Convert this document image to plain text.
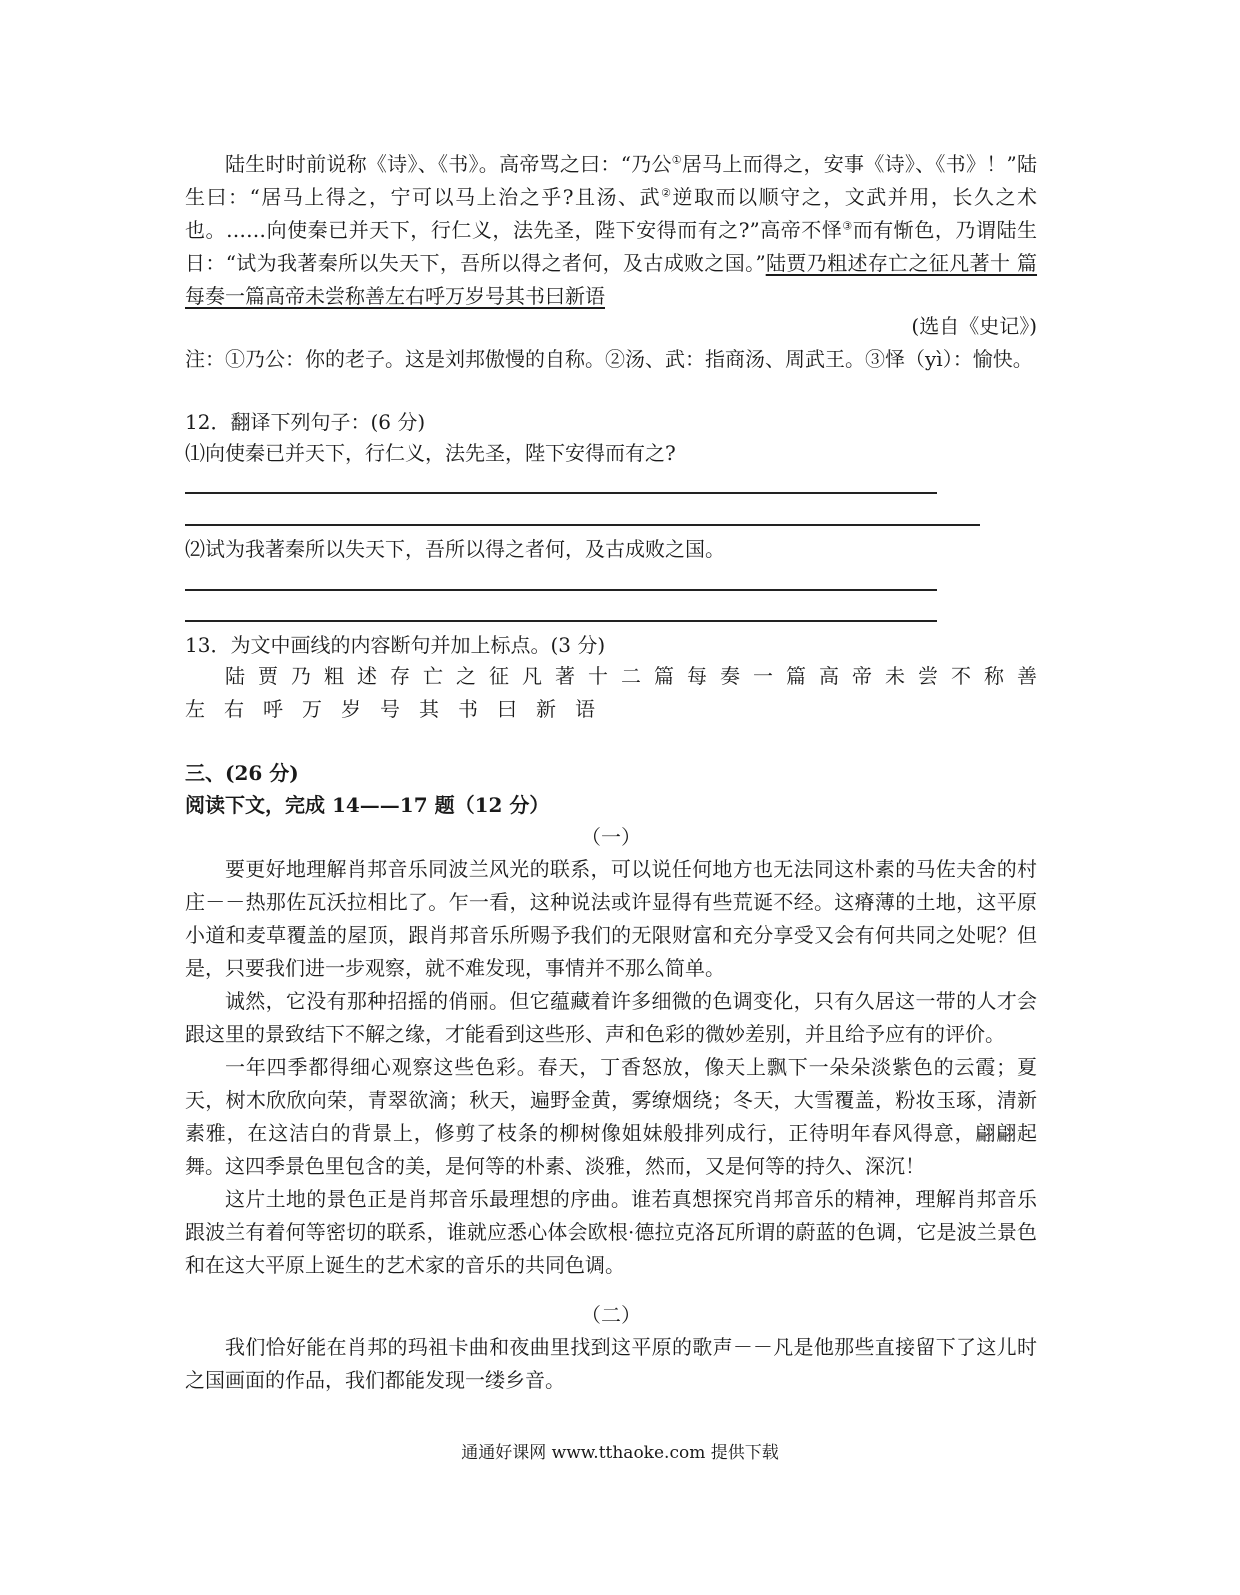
陆生时时前说称《诗》、《书》。高帝骂之曰：“乃公①居马上而得之，安事《诗》、《书》！”陆生曰：“居马上得之，宁可以马上治之乎?且汤、武②逆取而以顺守之，文武并用，长久之术也。……向使秦已并天下，行仁义，法先圣，陛下安得而有之?”高帝不怿③而有惭色，乃谓陆生日：“试为我著秦所以失天下，吾所以得之者何，及古成败之国。”陆贾乃粗述存亡之征凡著十 篇每奏一篇高帝未尝称善左右呼万岁号其书曰新语

(选自《史记》)

注：①乃公：你的老子。这是刘邦傲慢的自称。②汤、武：指商汤、周武王。③怿（yì）：愉快。

12．翻译下列句子：(6 分)
⑴向使秦已并天下，行仁义，法先圣，陛下安得而有之?
⑵试为我著秦所以失天下，吾所以得之者何，及古成败之国。
13．为文中画线的内容断句并加上标点。(3 分)

陆贾乃粗述存亡之征凡著十二篇每奏一篇高帝未尝不称善

左右呼万岁号其书曰新语

三、(26 分)
阅读下文，完成 14——17 题（12 分）
（一）

要更好地理解肖邦音乐同波兰风光的联系，可以说任何地方也无法同这朴素的马佐夫舍的村庄－－热那佐瓦沃拉相比了。乍一看，这种说法或许显得有些荒诞不经。这瘠薄的土地，这平原小道和麦草覆盖的屋顶，跟肖邦音乐所赐予我们的无限财富和充分享受又会有何共同之处呢？但是，只要我们进一步观察，就不难发现，事情并不那么简单。

诚然，它没有那种招摇的俏丽。但它蕴藏着许多细微的色调变化，只有久居这一带的人才会跟这里的景致结下不解之缘，才能看到这些形、声和色彩的微妙差别，并且给予应有的评价。

一年四季都得细心观察这些色彩。春天，丁香怒放，像天上飘下一朵朵淡紫色的云霞；夏天，树木欣欣向荣，青翠欲滴；秋天，遍野金黄，雾缭烟绕；冬天，大雪覆盖，粉妆玉琢，清新素雅，在这洁白的背景上，修剪了枝条的柳树像姐妹般排列成行，正待明年春风得意，翩翩起舞。这四季景色里包含的美，是何等的朴素、淡雅，然而，又是何等的持久、深沉！

这片土地的景色正是肖邦音乐最理想的序曲。谁若真想探究肖邦音乐的精神，理解肖邦音乐跟波兰有着何等密切的联系，谁就应悉心体会欧根·德拉克洛瓦所谓的蔚蓝的色调，它是波兰景色和在这大平原上诞生的艺术家的音乐的共同色调。

（二）

我们恰好能在肖邦的玛祖卡曲和夜曲里找到这平原的歌声－－凡是他那些直接留下了这儿时之国画面的作品，我们都能发现一缕乡音。

通通好课网 www.tthaoke.com 提供下载
